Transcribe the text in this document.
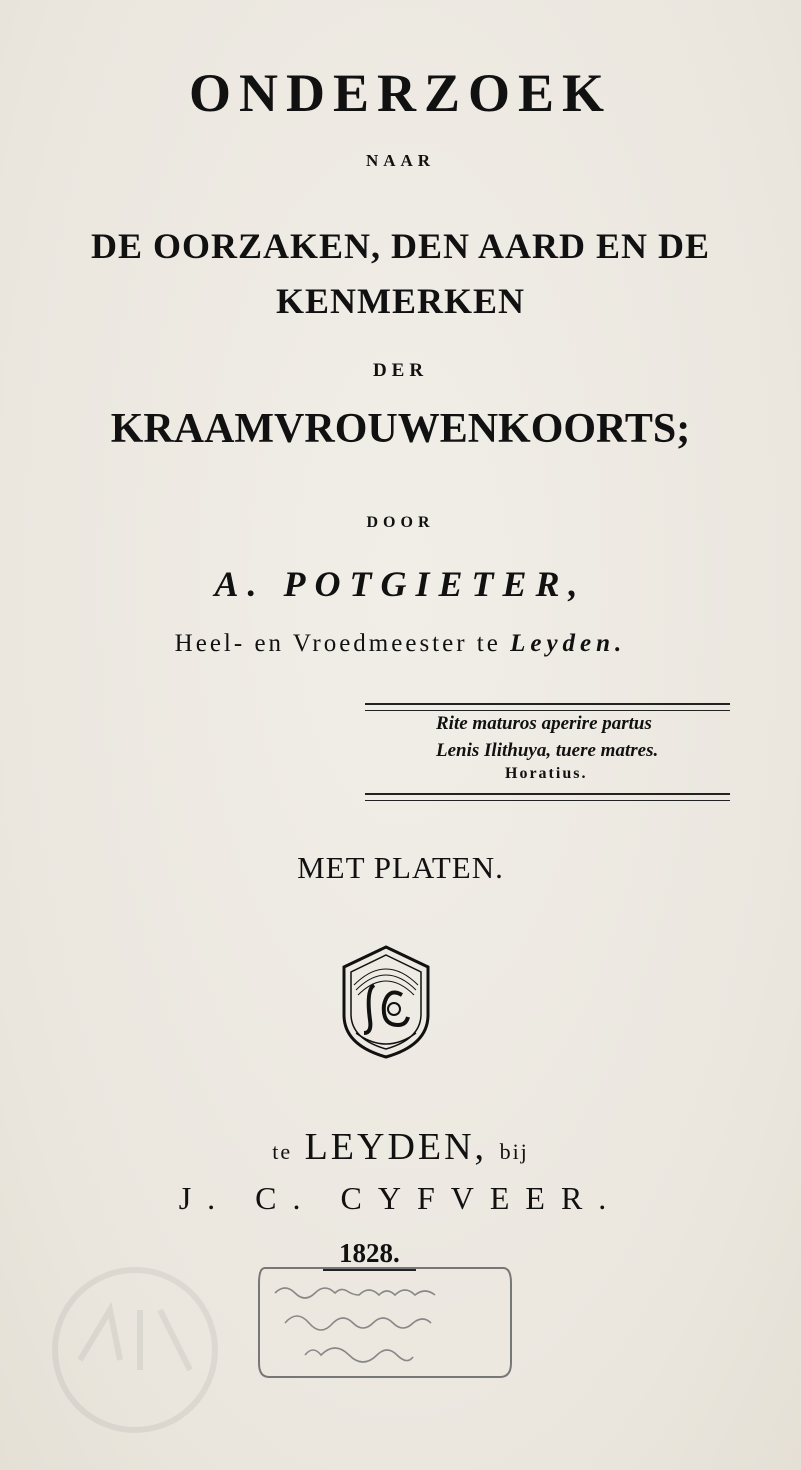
ONDERZOEK
NAAR
DE OORZAKEN, DEN AARD EN DE
KENMERKEN
DER
KRAAMVROUWENKOORTS;
DOOR
A. POTGIETER,
Heel- en Vroedmeester te Leyden.
Rite maturos aperire partus
Lenis Ilithuya, tuere matres.
Horatius.
MET PLATEN.
te LEYDEN, bij
J. C. CYFVEER.
1828.
